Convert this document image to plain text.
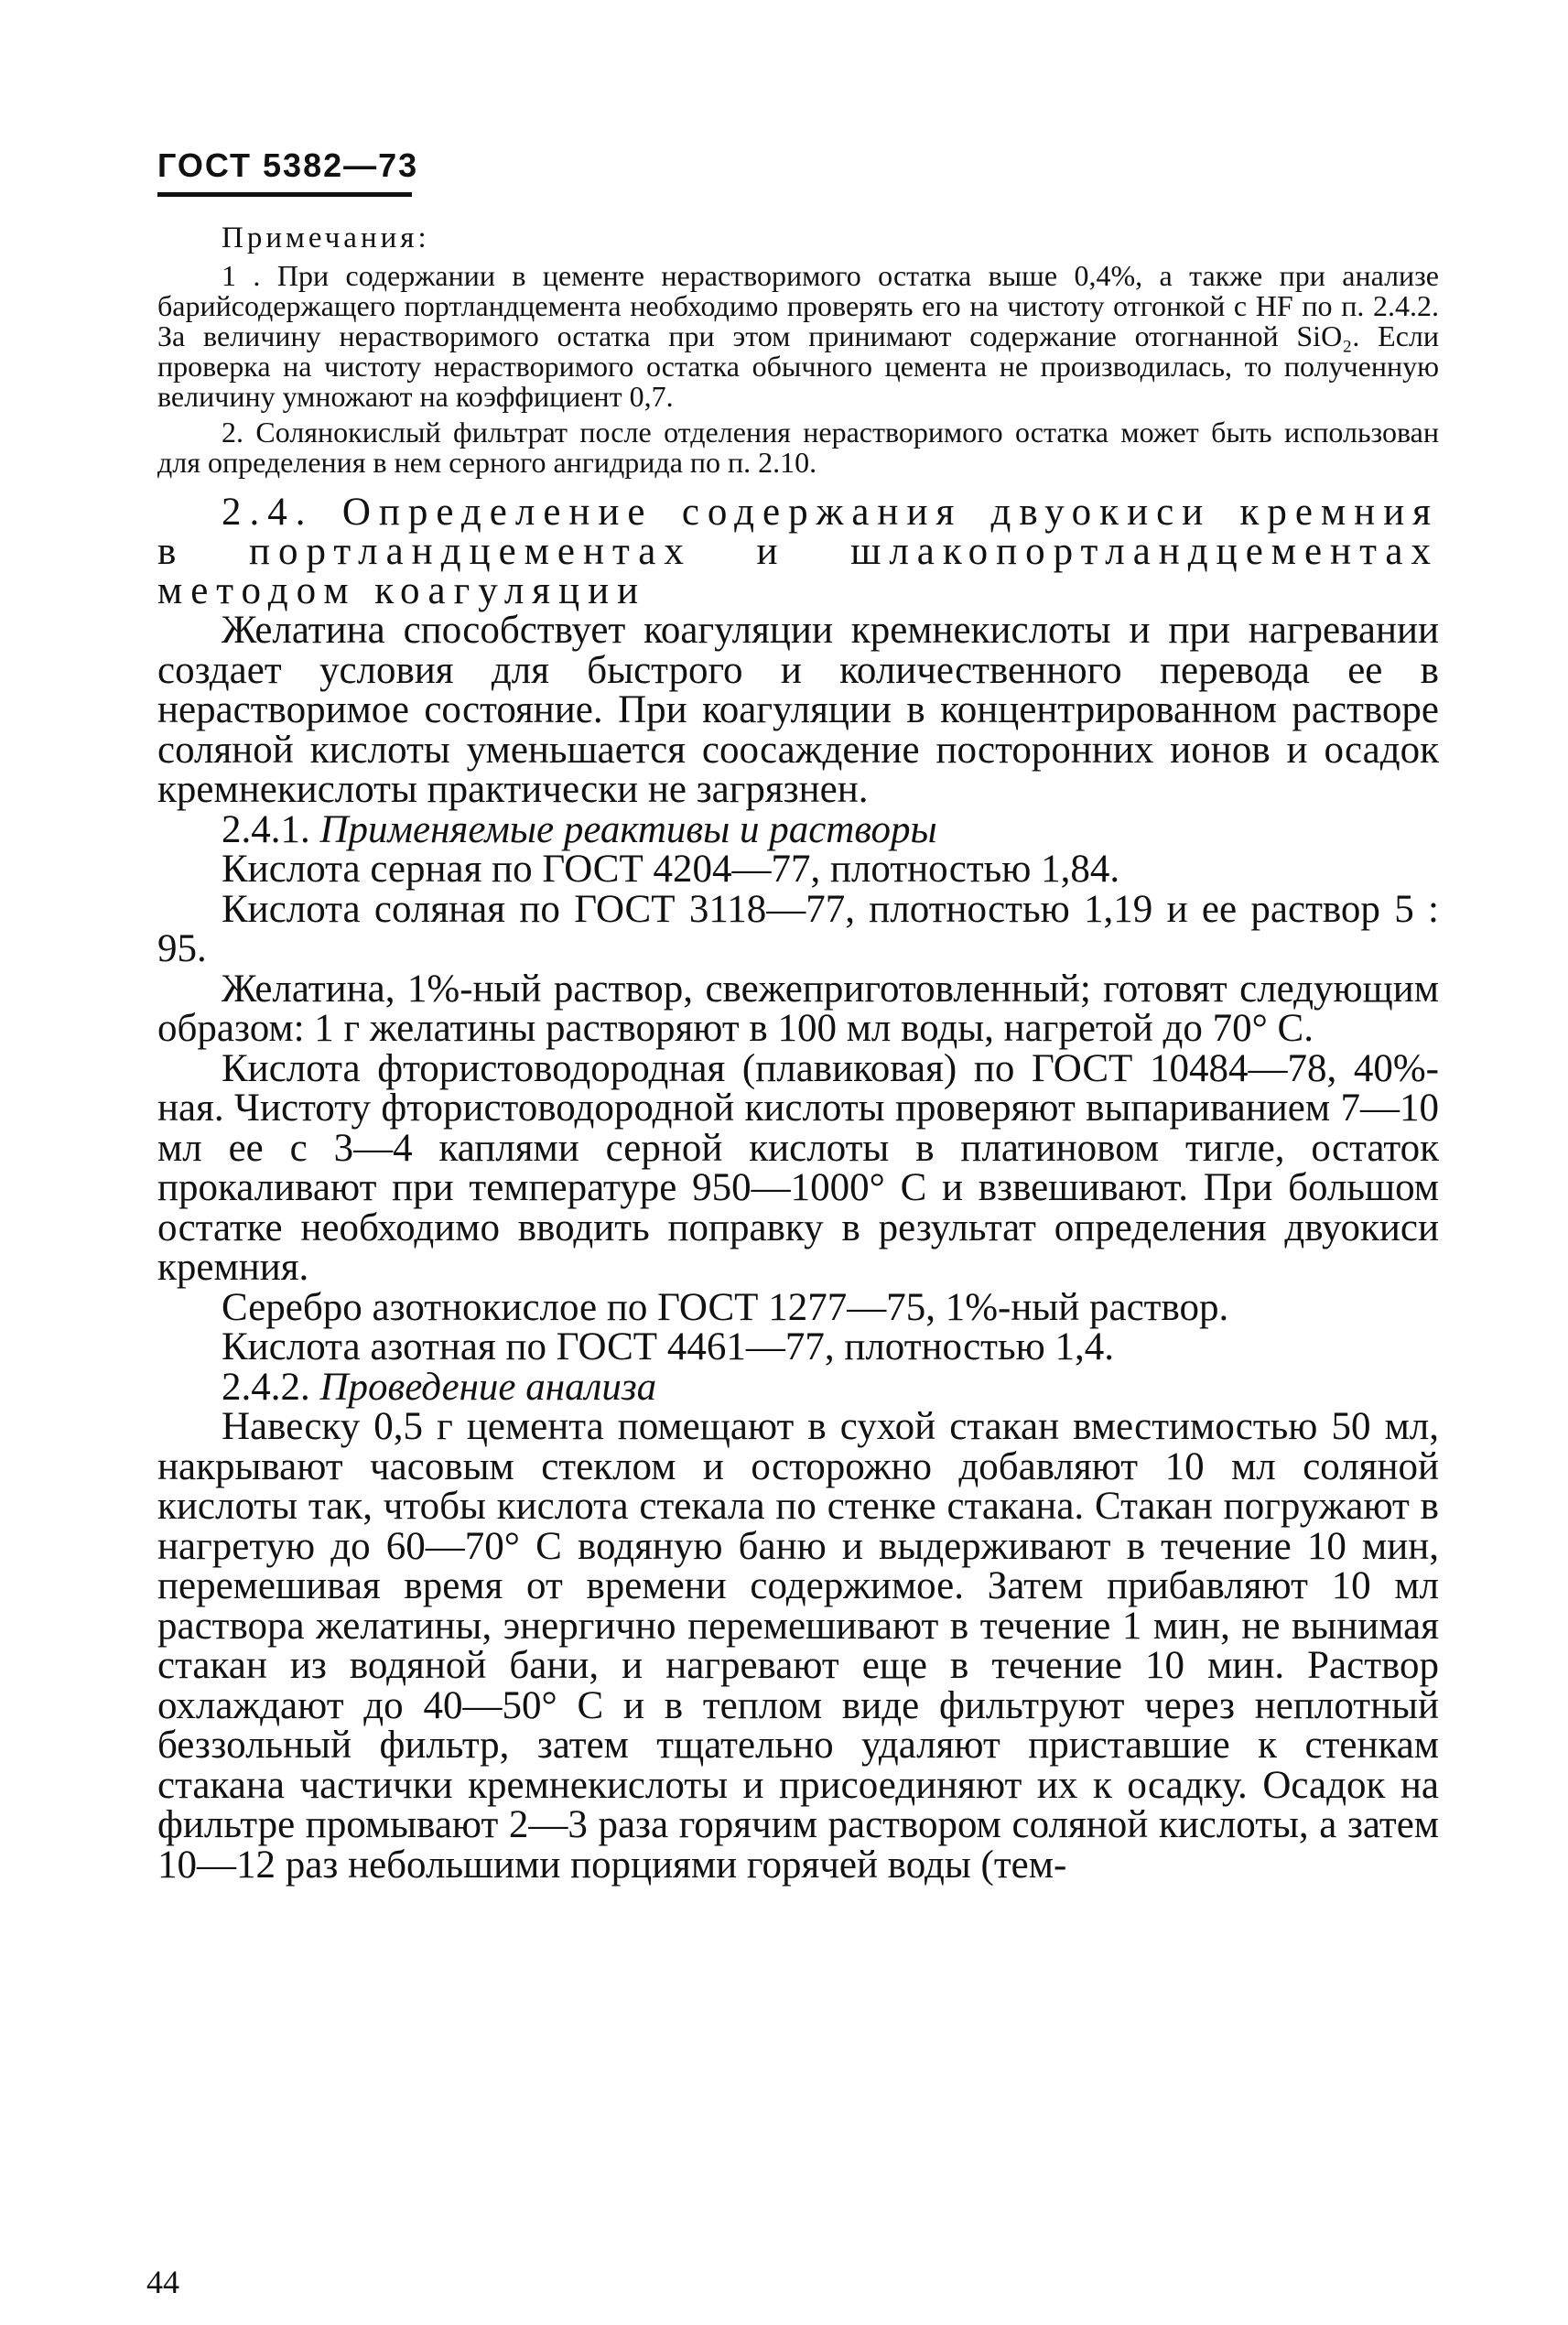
ГОСТ 5382—73

Примечания:

1 . При содержании в цементе нерастворимого остатка выше 0,4%, а также при анализе барийсодержащего портландцемента необходимо проверять его на чистоту отгонкой с HF по п. 2.4.2. За величину нерастворимого остатка при этом принимают содержание отогнанной SiO₂. Если проверка на чистоту нерастворимого остатка обычного цемента не производилась, то полученную величину умножают на коэффициент 0,7.

2. Солянокислый фильтрат после отделения нерастворимого остатка может быть использован для определения в нем серного ангидрида по п. 2.10.

2.4. Определение содержания двуокиси кремния в портландцементах и шлакопортландцементах методом коагуляции

Желатина способствует коагуляции кремнекислоты и при нагревании создает условия для быстрого и количественного перевода ее в нерастворимое состояние. При коагуляции в концентрированном растворе соляной кислоты уменьшается соосаждение посторонних ионов и осадок кремнекислоты практически не загрязнен.

2.4.1. Применяемые реактивы и растворы

Кислота серная по ГОСТ 4204—77, плотностью 1,84.

Кислота соляная по ГОСТ 3118—77, плотностью 1,19 и ее раствор 5 : 95.

Желатина, 1%-ный раствор, свежеприготовленный; готовят следующим образом: 1 г желатины растворяют в 100 мл воды, нагретой до 70° С.

Кислота фтористоводородная (плавиковая) по ГОСТ 10484—78, 40%-ная. Чистоту фтористоводородной кислоты проверяют выпариванием 7—10 мл ее с 3—4 каплями серной кислоты в платиновом тигле, остаток прокаливают при температуре 950—1000° С и взвешивают. При большом остатке необходимо вводить поправку в результат определения двуокиси кремния.

Серебро азотнокислое по ГОСТ 1277—75, 1%-ный раствор.

Кислота азотная по ГОСТ 4461—77, плотностью 1,4.

2.4.2. Проведение анализа

Навеску 0,5 г цемента помещают в сухой стакан вместимостью 50 мл, накрывают часовым стеклом и осторожно добавляют 10 мл соляной кислоты так, чтобы кислота стекала по стенке стакана. Стакан погружают в нагретую до 60—70° С водяную баню и выдерживают в течение 10 мин, перемешивая время от времени содержимое. Затем прибавляют 10 мл раствора желатины, энергично перемешивают в течение 1 мин, не вынимая стакан из водяной бани, и нагревают еще в течение 10 мин. Раствор охлаждают до 40—50° С и в теплом виде фильтруют через неплотный беззольный фильтр, затем тщательно удаляют приставшие к стенкам стакана частички кремнекислоты и присоединяют их к осадку. Осадок на фильтре промывают 2—3 раза горячим раствором соляной кислоты, а затем 10—12 раз небольшими порциями горячей воды (тем-

44
